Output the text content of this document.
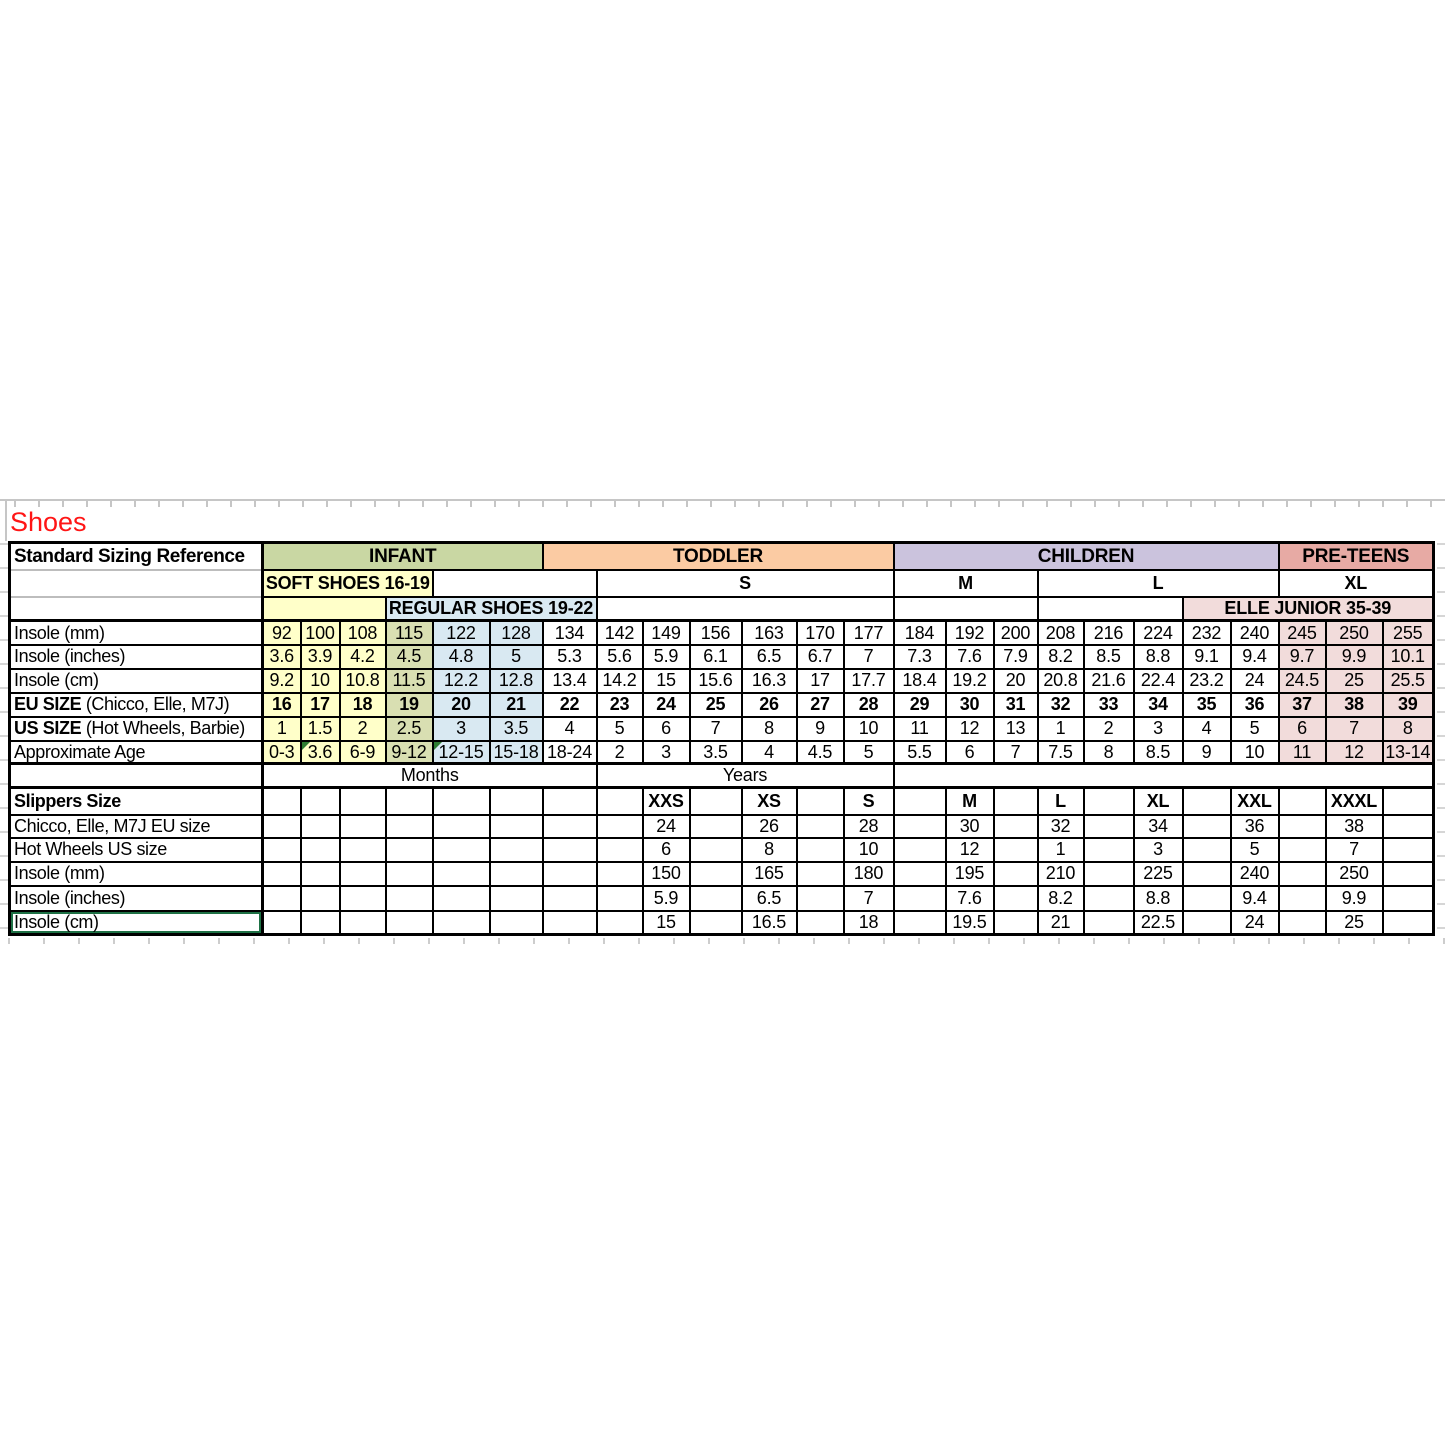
Shoes
Standard Sizing Reference	INFANT						TODDLER							CHILDREN								PRE-TEENS		
	SOFT SHOES 16-19							S						M			L					XL		
				REGULAR SHOES 19-22																ELLE JUNIOR 35-39				
Insole (mm)	92	100	108	115	122	128	134	142	149	156	163	170	177	184	192	200	208	216	224	232	240	245	250	255
Insole (inches)	3.6	3.9	4.2	4.5	4.8	5	5.3	5.6	5.9	6.1	6.5	6.7	7	7.3	7.6	7.9	8.2	8.5	8.8	9.1	9.4	9.7	9.9	10.1
Insole (cm)	9.2	10	10.8	11.5	12.2	12.8	13.4	14.2	15	15.6	16.3	17	17.7	18.4	19.2	20	20.8	21.6	22.4	23.2	24	24.5	25	25.5
EU SIZE (Chicco, Elle, M7J)	16	17	18	19	20	21	22	23	24	25	26	27	28	29	30	31	32	33	34	35	36	37	38	39
US SIZE (Hot Wheels, Barbie)	1	1.5	2	2.5	3	3.5	4	5	6	7	8	9	10	11	12	13	1	2	3	4	5	6	7	8
Approximate Age	0-3	3.6	6-9	9-12	12-15	15-18	18-24	2	3	3.5	4	4.5	5	5.5	6	7	7.5	8	8.5	9	10	11	12	13-14
	Months							Years																
Slippers Size									XXS		XS		S		M		L		XL		XXL		XXXL	
Chicco, Elle, M7J EU size									24		26		28		30		32		34		36		38	
Hot Wheels US size									6		8		10		12		1		3		5		7	
Insole (mm)									150		165		180		195		210		225		240		250	
Insole (inches)									5.9		6.5		7		7.6		8.2		8.8		9.4		9.9	
Insole (cm)									15		16.5		18		19.5		21		22.5		24		25	
